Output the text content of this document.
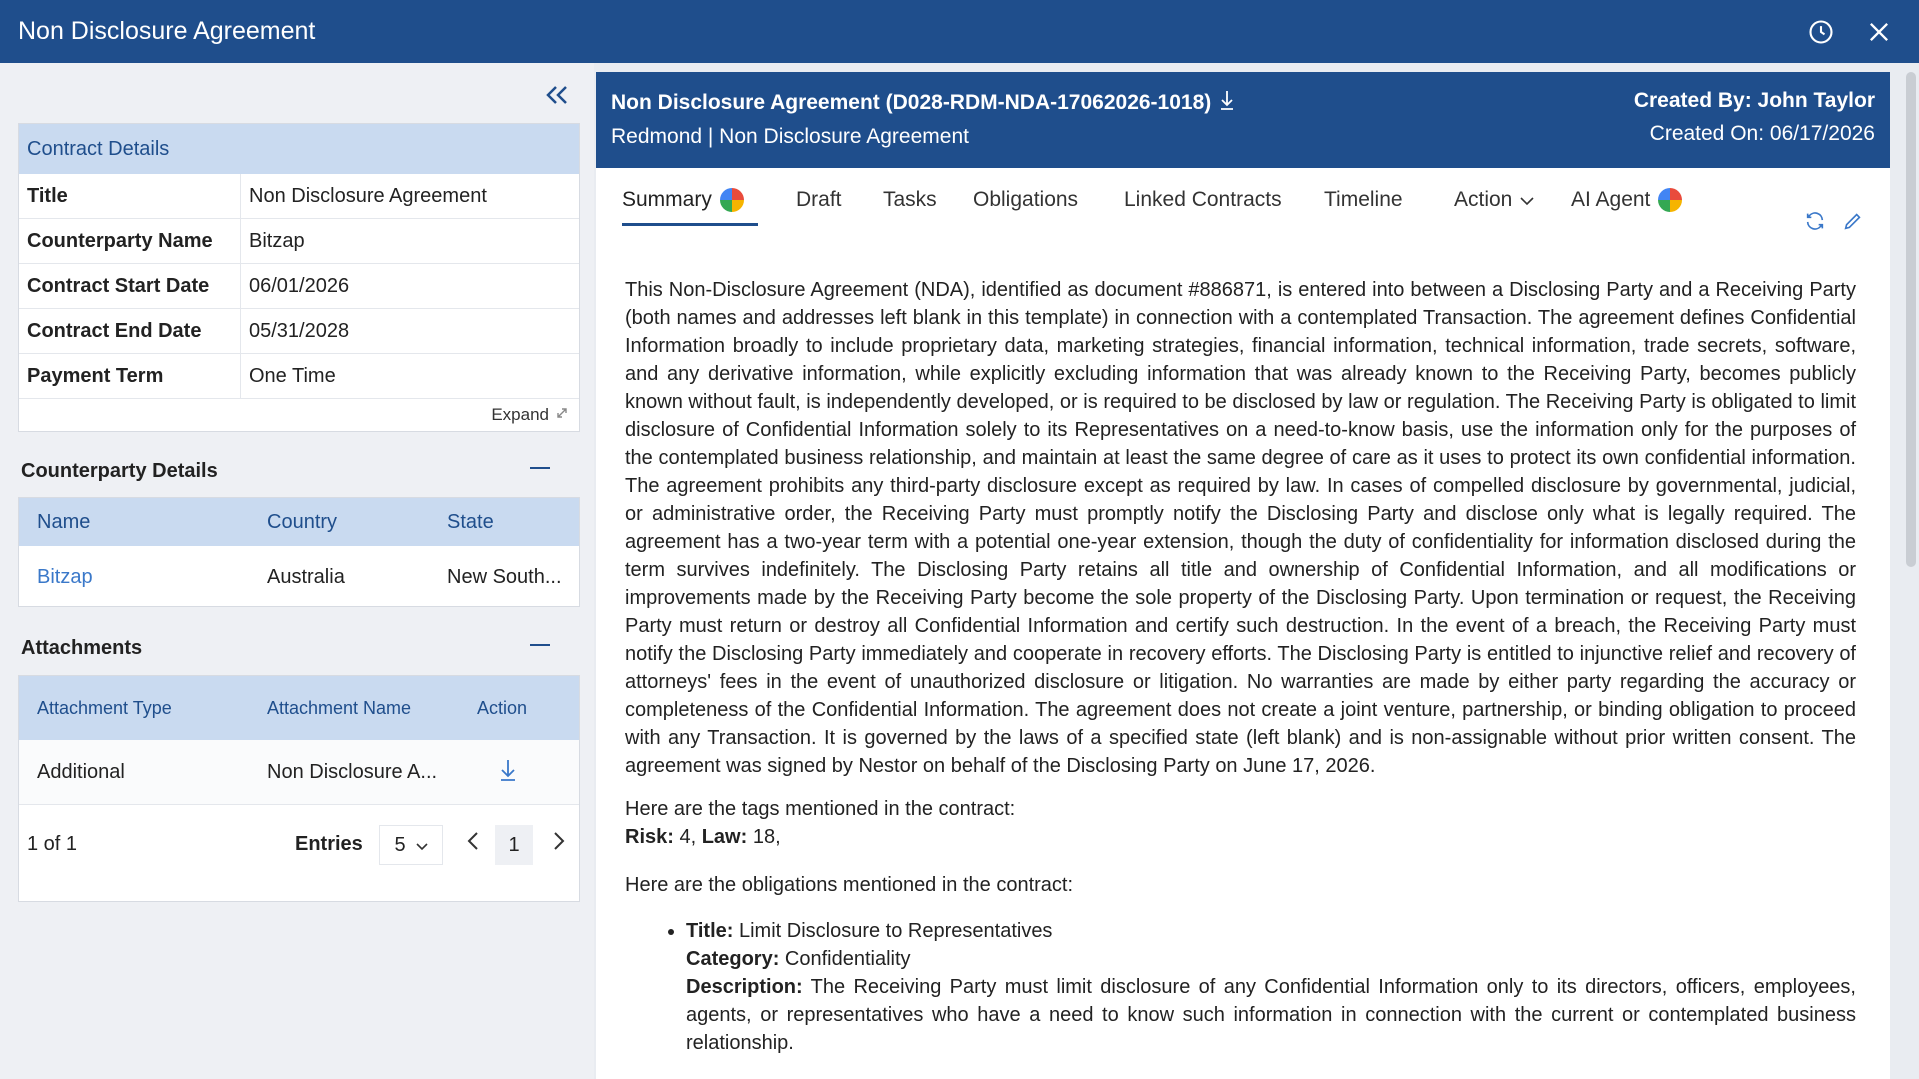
Non Disclosure Agreement
Contract Details
Title	Non Disclosure Agreement
Counterparty Name	Bitzap
Contract Start Date	06/01/2026
Contract End Date	05/31/2028
Payment Term	One Time
Expand
Counterparty Details
Name	Country	State
Bitzap	Australia	New South...
Attachments
Attachment Type	Attachment Name	Action
Additional	Non Disclosure A...
1 of 1	Entries 5	1
Non Disclosure Agreement (D028-RDM-NDA-17062026-1018)
Redmond | Non Disclosure Agreement
Created By: John Taylor
Created On: 06/17/2026
Summary	Draft Tasks Obligations Linked Contracts Timeline Action	AI Agent

This Non-Disclosure Agreement (NDA), identified as document #886871, is entered into between a Disclosing Party and a Receiving Party (both names and addresses left blank in this template) in connection with a contemplated Transaction. The agreement defines Confidential Information broadly to include proprietary data, marketing strategies, financial information, technical information, trade secrets, software, and any derivative information, while explicitly excluding information that was already known to the Receiving Party, becomes publicly known without fault, is independently developed, or is required to be disclosed by law or regulation. The Receiving Party is obligated to limit disclosure of Confidential Information solely to its Representatives on a need-to-know basis, use the information only for the purposes of the contemplated business relationship, and maintain at least the same degree of care as it uses to protect its own confidential information. The agreement prohibits any third-party disclosure except as required by law. In cases of compelled disclosure by governmental, judicial, or administrative order, the Receiving Party must promptly notify the Disclosing Party and disclose only what is legally required. The agreement has a two-year term with a potential one-year extension, though the duty of confidentiality for information disclosed during the term survives indefinitely. The Disclosing Party retains all title and ownership of Confidential Information, and all modifications or improvements made by the Receiving Party become the sole property of the Disclosing Party. Upon termination or request, the Receiving Party must return or destroy all Confidential Information and certify such destruction. In the event of a breach, the Receiving Party must notify the Disclosing Party immediately and cooperate in recovery efforts. The Disclosing Party is entitled to injunctive relief and recovery of attorneys' fees in the event of unauthorized disclosure or litigation. No warranties are made by either party regarding the accuracy or completeness of the Confidential Information. The agreement does not create a joint venture, partnership, or binding obligation to proceed with any Transaction. It is governed by the laws of a specified state (left blank) and is non-assignable without prior written consent. The agreement was signed by Nestor on behalf of the Disclosing Party on June 17, 2026.

Here are the tags mentioned in the contract:

Risk: 4, Law: 18,

Here are the obligations mentioned in the contract:

• Title: Limit Disclosure to Representatives
Category: Confidentiality

Description: The Receiving Party must limit disclosure of any Confidential Information only to its directors, officers, employees, agents, or representatives who have a need to know such information in connection with the current or contemplated business relationship.
